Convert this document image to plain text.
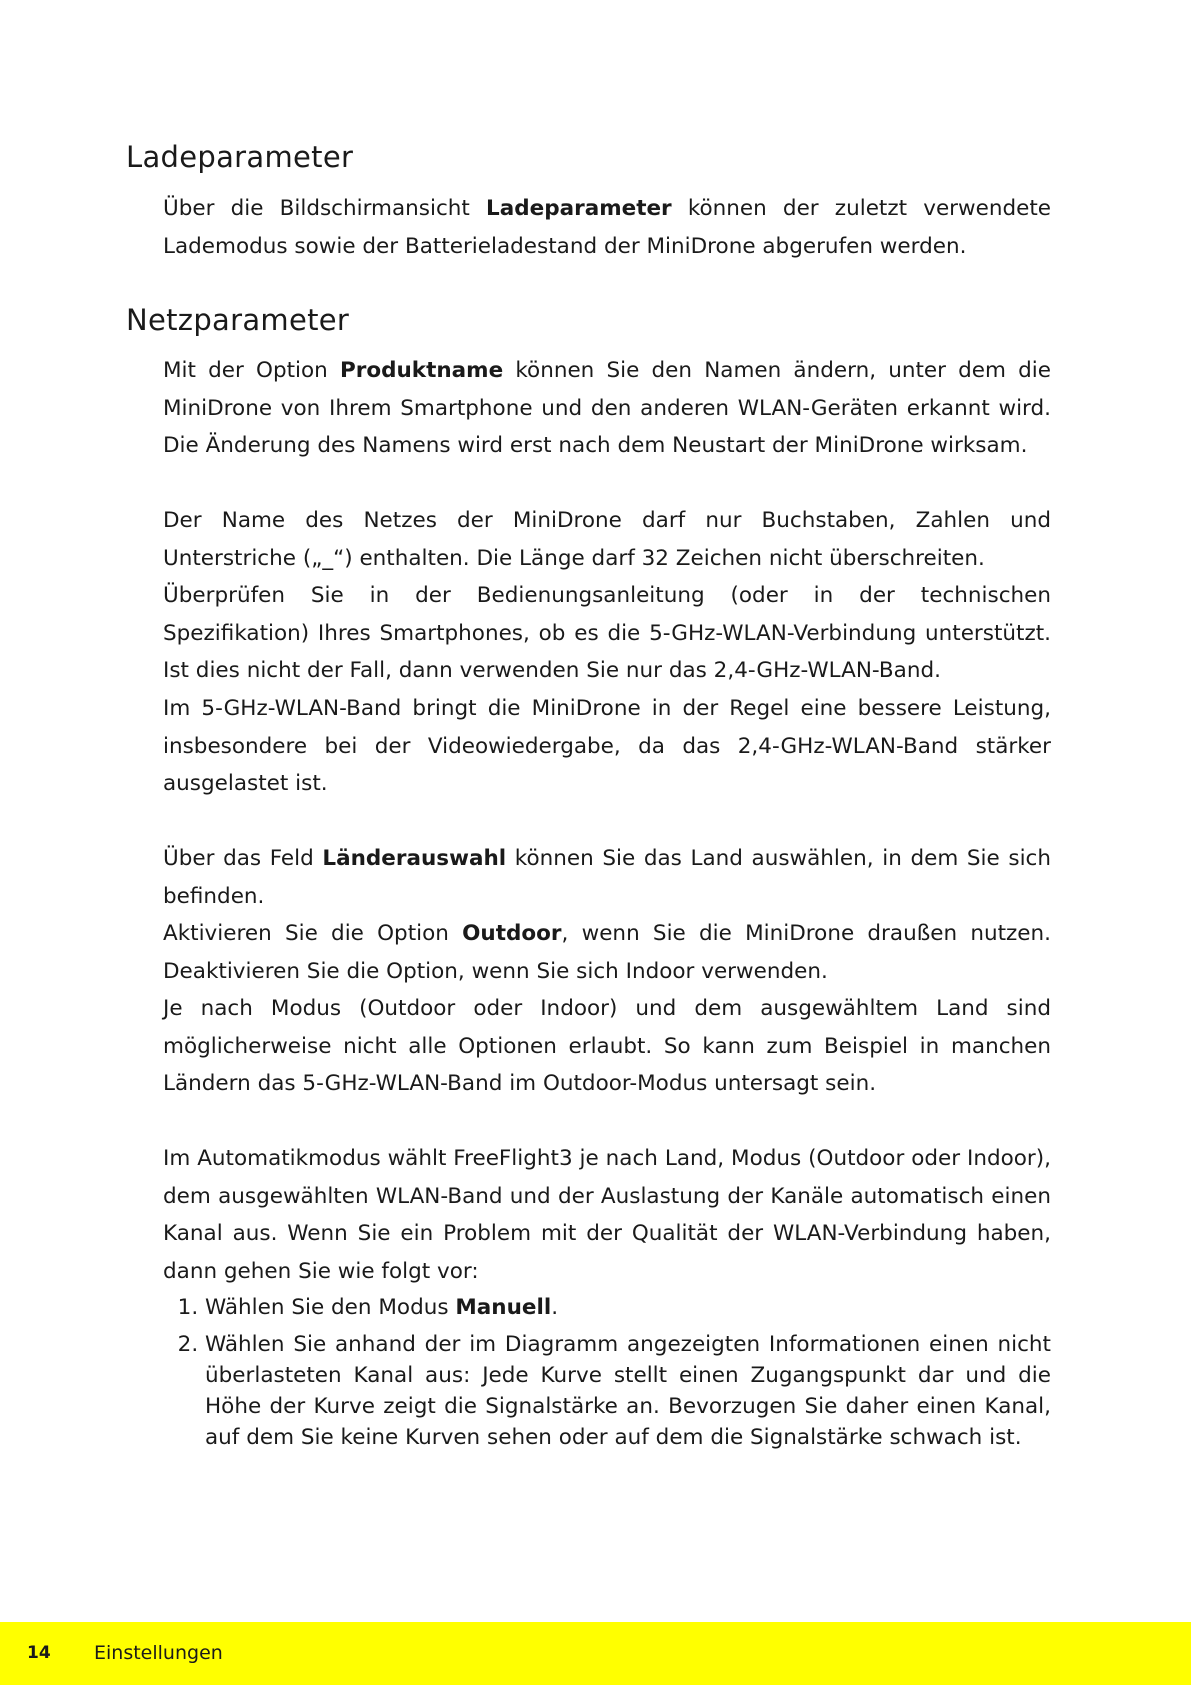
Ladeparameter

Über die Bildschirmansicht Ladeparameter können der zuletzt verwendete Lademodus sowie der Batterieladestand der MiniDrone abgerufen werden.

Netzparameter

Mit der Option Produktname können Sie den Namen ändern, unter dem die MiniDrone von Ihrem Smartphone und den anderen WLAN-Geräten erkannt wird. Die Änderung des Namens wird erst nach dem Neustart der MiniDrone wirksam.

Der Name des Netzes der MiniDrone darf nur Buchstaben, Zahlen und Unterstriche („_“) enthalten. Die Länge darf 32 Zeichen nicht überschreiten.

Überprüfen Sie in der Bedienungsanleitung (oder in der technischen Spezifikation) Ihres Smartphones, ob es die 5-GHz-WLAN-Verbindung unterstützt. Ist dies nicht der Fall, dann verwenden Sie nur das 2,4-GHz-WLAN-Band.

Im 5-GHz-WLAN-Band bringt die MiniDrone in der Regel eine bessere Leistung, insbesondere bei der Videowiedergabe, da das 2,4-GHz-WLAN-Band stärker ausgelastet ist.

Über das Feld Länderauswahl können Sie das Land auswählen, in dem Sie sich befinden.

Aktivieren Sie die Option Outdoor, wenn Sie die MiniDrone draußen nutzen. Deaktivieren Sie die Option, wenn Sie sich Indoor verwenden.

Je nach Modus (Outdoor oder Indoor) und dem ausgewähltem Land sind möglicherweise nicht alle Optionen erlaubt. So kann zum Beispiel in manchen Ländern das 5-GHz-WLAN-Band im Outdoor-Modus untersagt sein.

Im Automatikmodus wählt FreeFlight3 je nach Land, Modus (Outdoor oder Indoor), dem ausgewählten WLAN-Band und der Auslastung der Kanäle automatisch einen Kanal aus. Wenn Sie ein Problem mit der Qualität der WLAN-Verbindung haben, dann gehen Sie wie folgt vor:

1. Wählen Sie den Modus Manuell.
2. Wählen Sie anhand der im Diagramm angezeigten Informationen einen nicht überlasteten Kanal aus: Jede Kurve stellt einen Zugangspunkt dar und die Höhe der Kurve zeigt die Signalstärke an. Bevorzugen Sie daher einen Kanal, auf dem Sie keine Kurven sehen oder auf dem die Signalstärke schwach ist.
14 Einstellungen
